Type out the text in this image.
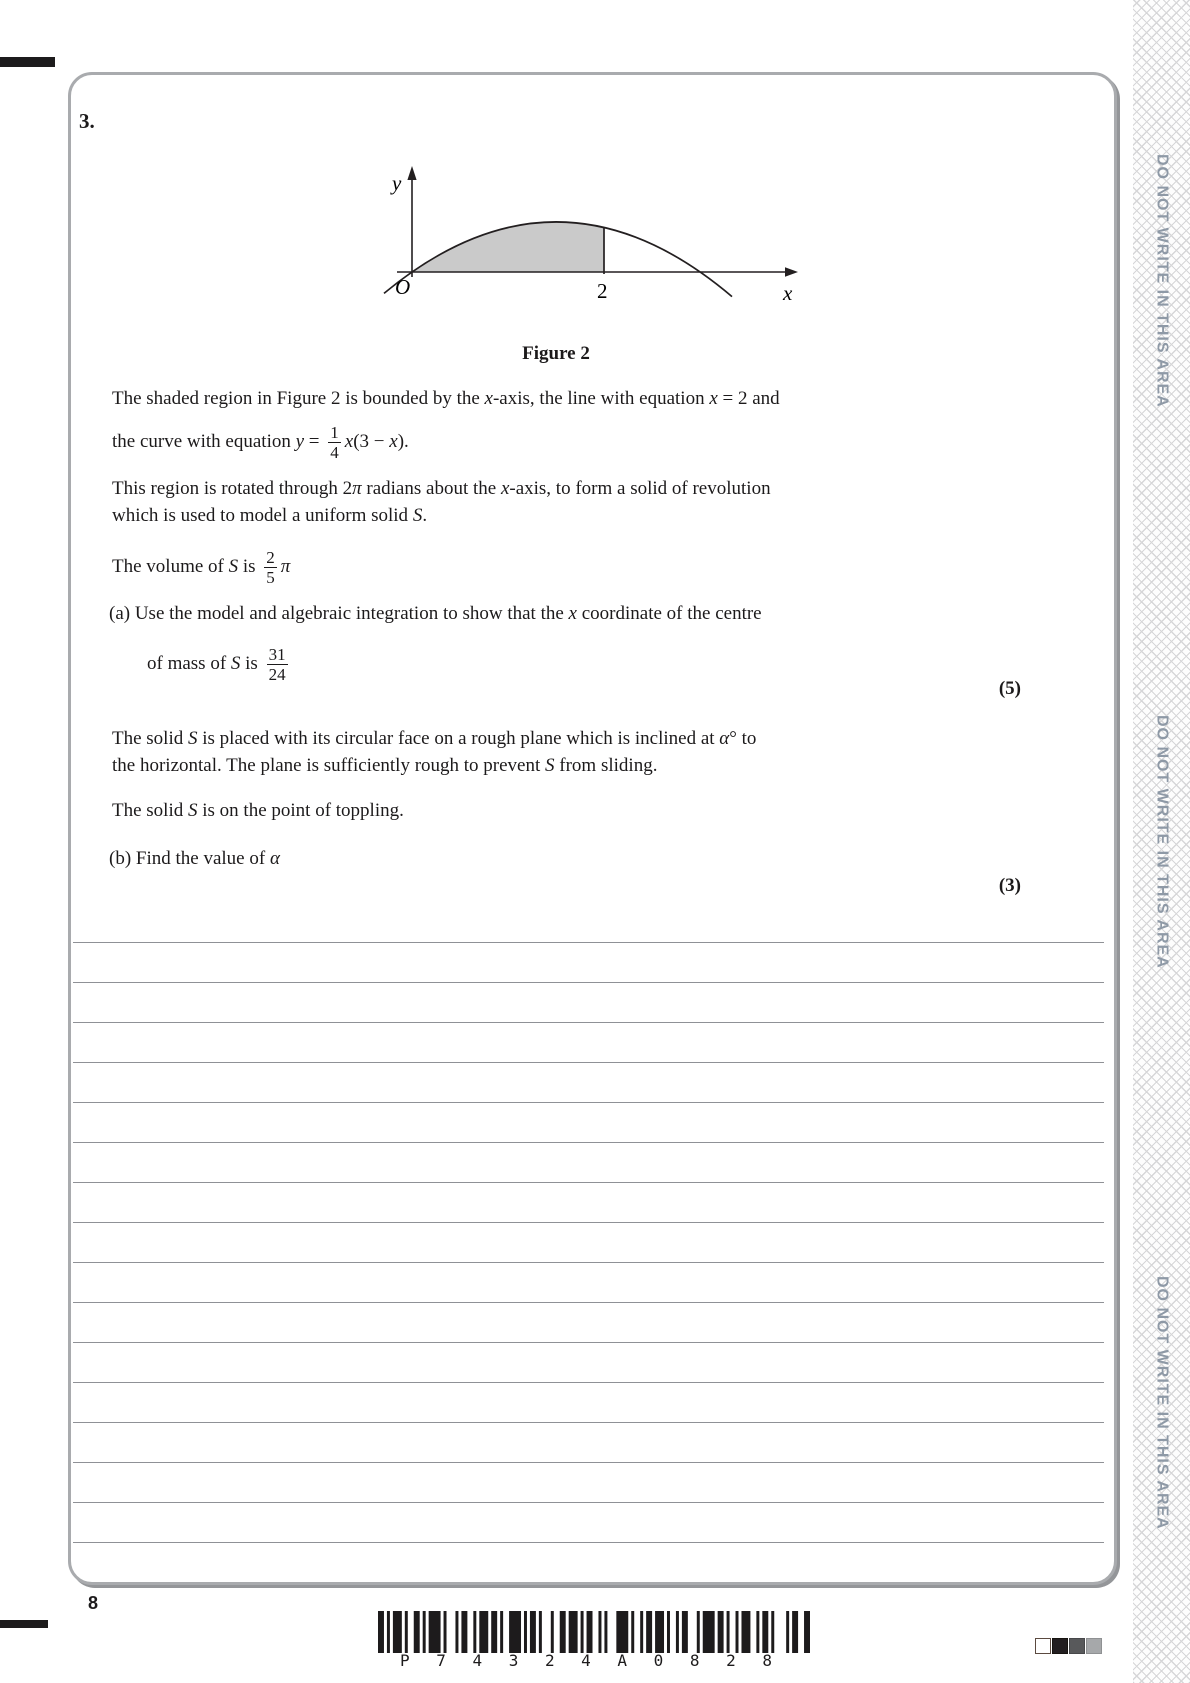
3.
y
x
O	2
Figure 2
The shaded region in Figure 2 is bounded by the x-axis, the line with equation x = 2 and
the curve with equation $y = \frac{1}{4} x(3 - x)$.
This region is rotated through 2π radians about the x-axis, to form a solid of revolution
which is used to model a uniform solid S.
The volume of S is $\frac{2}{5}$ π
(a) Use the model and algebraic integration to show that the x coordinate of the centre
of mass of S is $\frac{31}{24}$
(5)
The solid S is placed with its circular face on a rough plane which is inclined at α° to
the horizontal. The plane is sufficiently rough to prevent S from sliding.
The solid S is on the point of toppling.
(b) Find the value of α
(3)
DO NOT WRITE IN THIS AREA
DO NOT WRITE IN THIS AREA
DO NOT WRITE IN THIS AREA
8
P 7 4 3 2 4 A 0 8 2 8
